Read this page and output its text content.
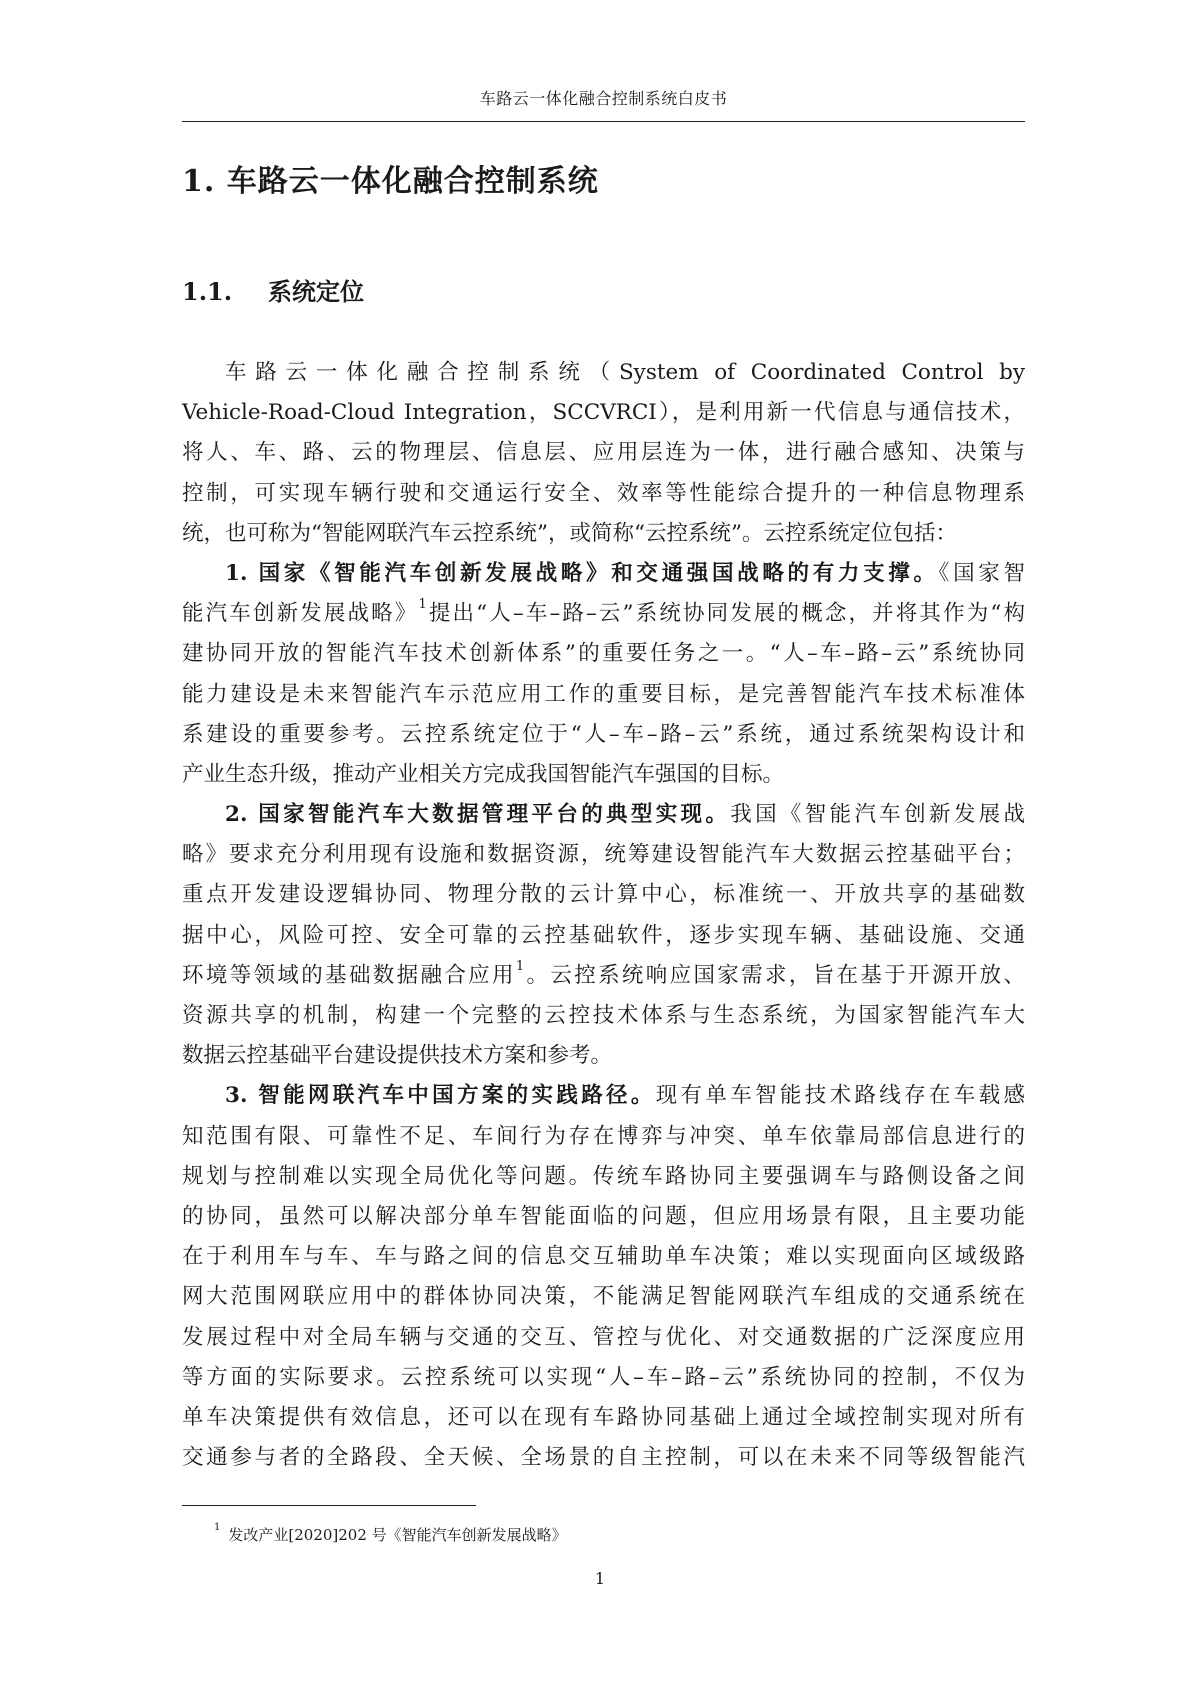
车路云一体化融合控制系统白皮书
1. 车路云一体化融合控制系统
1.1. 系统定位
车路云一体化融合控制系统（System of Coordinated Control by
Vehicle-Road-Cloud Integration，SCCVRCI），是利用新一代信息与通信技术，
将人、车、路、云的物理层、信息层、应用层连为一体，进行融合感知、决策与
控制，可实现车辆行驶和交通运行安全、效率等性能综合提升的一种信息物理系
统，也可称为“智能网联汽车云控系统”，或简称“云控系统”。云控系统定位包括：
1. 国家《智能汽车创新发展战略》和交通强国战略的有力支撑。《国家智
能汽车创新发展战略》$^1$提出“人–车–路–云”系统协同发展的概念，并将其作为“构
建协同开放的智能汽车技术创新体系”的重要任务之一。“人–车–路–云”系统协同
能力建设是未来智能汽车示范应用工作的重要目标，是完善智能汽车技术标准体
系建设的重要参考。云控系统定位于“人–车–路–云”系统，通过系统架构设计和
产业生态升级，推动产业相关方完成我国智能汽车强国的目标。
2. 国家智能汽车大数据管理平台的典型实现。我国《智能汽车创新发展战
略》要求充分利用现有设施和数据资源，统筹建设智能汽车大数据云控基础平台；
重点开发建设逻辑协同、物理分散的云计算中心，标准统一、开放共享的基础数
据中心，风险可控、安全可靠的云控基础软件，逐步实现车辆、基础设施、交通
环境等领域的基础数据融合应用$^1$。云控系统响应国家需求，旨在基于开源开放、
资源共享的机制，构建一个完整的云控技术体系与生态系统，为国家智能汽车大
数据云控基础平台建设提供技术方案和参考。
3. 智能网联汽车中国方案的实践路径。现有单车智能技术路线存在车载感
知范围有限、可靠性不足、车间行为存在博弈与冲突、单车依靠局部信息进行的
规划与控制难以实现全局优化等问题。传统车路协同主要强调车与路侧设备之间
的协同，虽然可以解决部分单车智能面临的问题，但应用场景有限，且主要功能
在于利用车与车、车与路之间的信息交互辅助单车决策；难以实现面向区域级路
网大范围网联应用中的群体协同决策，不能满足智能网联汽车组成的交通系统在
发展过程中对全局车辆与交通的交互、管控与优化、对交通数据的广泛深度应用
等方面的实际要求。云控系统可以实现“人–车–路–云”系统协同的控制，不仅为
单车决策提供有效信息，还可以在现有车路协同基础上通过全域控制实现对所有
交通参与者的全路段、全天候、全场景的自主控制，可以在未来不同等级智能汽
$^1$ 发改产业[2020]202 号《智能汽车创新发展战略》
1
